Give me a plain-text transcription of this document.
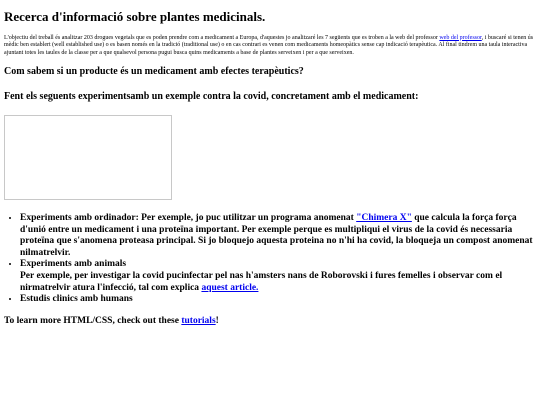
Recerca d'informació sobre plantes medicinals.

L'objectiu del treball és analitzar 203 drogues vegetals que es poden prendre com a medicament a Europa, d'aquestes jo analitzaré les 7 següents que es troben a la web del professor web del professor, i buscaré si tenen ús mèdic ben establert (well established use) o es basen només en la tradició (traditional use) o en cas contrari es venen com medicaments homeopàtics sense cap indicació terapèutica. Al final tindrem una taula interactiva ajuntant totes les taules de la classe per a que qualsevol persona pugui busca quins medicaments a base de plantes serveixen i per a que serveixen.

Com sabem si un producte és un medicament amb efectes terapèutics?
Fent els seguents experimentsamb un exemple contra la covid, concretament amb el medicament:
• Experiments amb ordinador: Per exemple, jo puc utilitzar un programa anomenat "Chimera X" que calcula la força força d'unió entre un medicament i una proteïna important. Per exemple perque es multipliqui el virus de la covid és necessaria proteïna que s'anomena proteasa principal. Si jo bloquejo aquesta proteina no n'hi ha covid, la bloqueja un compost anomenat nilmatrelvir.
• Experiments amb animals
Per exemple, per investigar la covid pucinfectar pel nas h'amsters nans de Roborovski i fures femelles i observar com el nirmatrelvir atura l'infecció, tal com explica aquest article.
• Estudis clinics amb humans

To learn more HTML/CSS, check out these tutorials!
